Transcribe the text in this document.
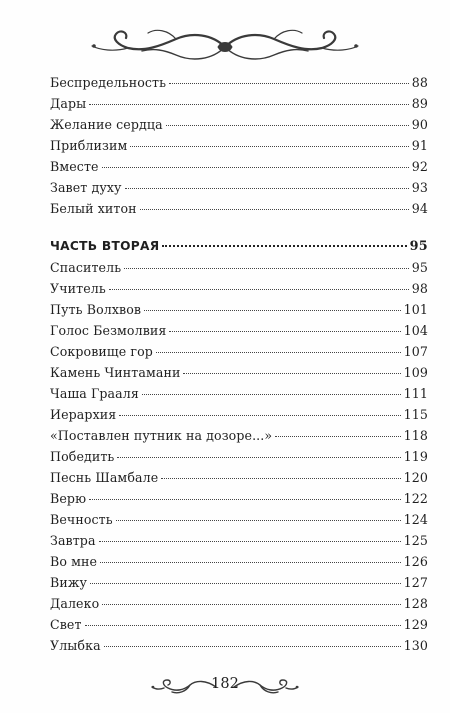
Беспредельность	88
Дары	89
Желание сердца	90
Приблизим	91
Вместе	92
Завет духу	93
Белый хитон	94
ЧАСТЬ ВТОРАЯ	95
Спаситель	95
Учитель	98
Путь Волхвов	101
Голос Безмолвия	104
Сокровище гор	107
Камень Чинтамани	109
Чаша Грааля	111
Иерархия	115
«Поставлен путник на дозоре...»	118
Победить	119
Песнь Шамбале	120
Верю	122
Вечность	124
Завтра	125
Во мне	126
Вижу	127
Далеко	128
Свет	129
Улыбка	130
182
